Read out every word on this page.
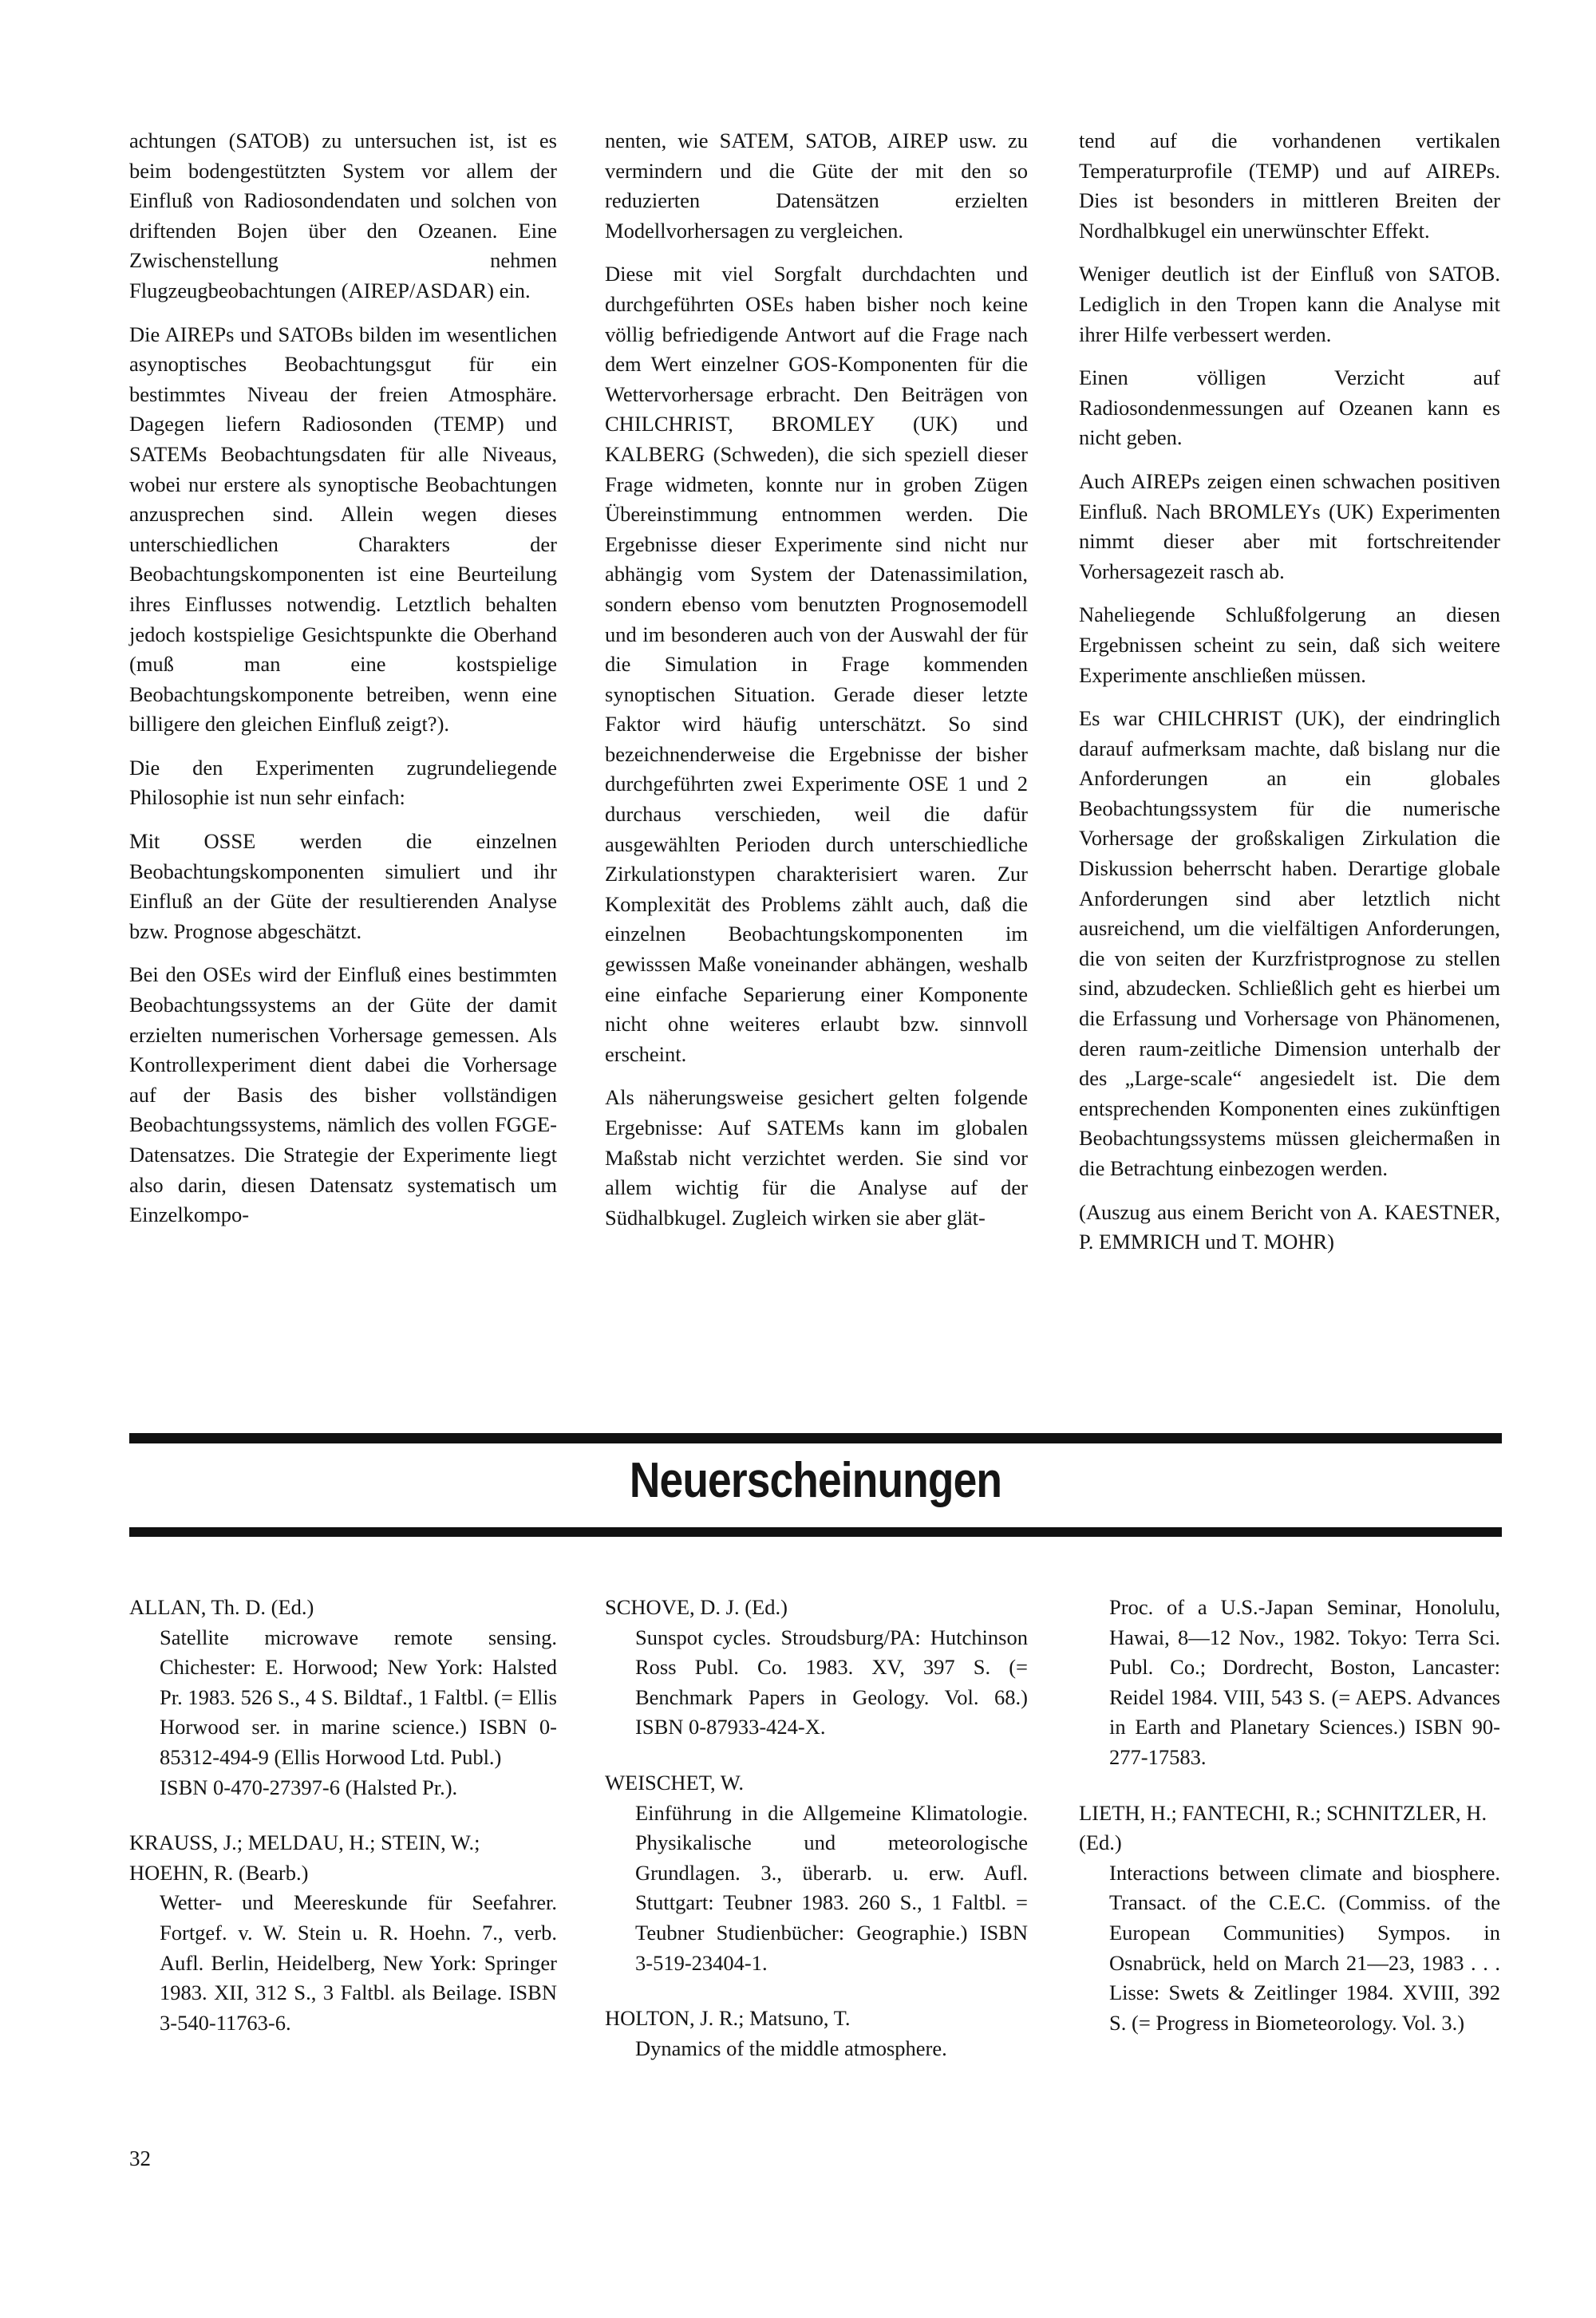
achtungen (SATOB) zu untersuchen ist, ist es beim bodengestützten System vor allem der Einfluß von Radiosondendaten und solchen von driftenden Bojen über den Ozeanen. Eine Zwischenstellung nehmen Flugzeugbeobachtungen (AIREP/ASDAR) ein.

Die AIREPs und SATOBs bilden im wesentlichen asynoptisches Beobachtungsgut für ein bestimmtes Niveau der freien Atmosphäre. Dagegen liefern Radiosonden (TEMP) und SATEMs Beobachtungsdaten für alle Niveaus, wobei nur erstere als synoptische Beobachtungen anzusprechen sind. Allein wegen dieses unterschiedlichen Charakters der Beobachtungskomponenten ist eine Beurteilung ihres Einflusses notwendig. Letztlich behalten jedoch kostspielige Gesichtspunkte die Oberhand (muß man eine kostspielige Beobachtungskomponente betreiben, wenn eine billigere den gleichen Einfluß zeigt?).

Die den Experimenten zugrundeliegende Philosophie ist nun sehr einfach:

Mit OSSE werden die einzelnen Beobachtungskomponenten simuliert und ihr Einfluß an der Güte der resultierenden Analyse bzw. Prognose abgeschätzt.

Bei den OSEs wird der Einfluß eines bestimmten Beobachtungssystems an der Güte der damit erzielten numerischen Vorhersage gemessen. Als Kontrollexperiment dient dabei die Vorhersage auf der Basis des bisher vollständigen Beobachtungssystems, nämlich des vollen FGGE-Datensatzes. Die Strategie der Experimente liegt also darin, diesen Datensatz systematisch um Einzelkompo-

nenten, wie SATEM, SATOB, AIREP usw. zu vermindern und die Güte der mit den so reduzierten Datensätzen erzielten Modellvorhersagen zu vergleichen.

Diese mit viel Sorgfalt durchdachten und durchgeführten OSEs haben bisher noch keine völlig befriedigende Antwort auf die Frage nach dem Wert einzelner GOS-Komponenten für die Wettervorhersage erbracht. Den Beiträgen von CHILCHRIST, BROMLEY (UK) und KALBERG (Schweden), die sich speziell dieser Frage widmeten, konnte nur in groben Zügen Übereinstimmung entnommen werden. Die Ergebnisse dieser Experimente sind nicht nur abhängig vom System der Datenassimilation, sondern ebenso vom benutzten Prognosemodell und im besonderen auch von der Auswahl der für die Simulation in Frage kommenden synoptischen Situation. Gerade dieser letzte Faktor wird häufig unterschätzt. So sind bezeichnenderweise die Ergebnisse der bisher durchgeführten zwei Experimente OSE 1 und 2 durchaus verschieden, weil die dafür ausgewählten Perioden durch unterschiedliche Zirkulationstypen charakterisiert waren. Zur Komplexität des Problems zählt auch, daß die einzelnen Beobachtungskomponenten im gewisssen Maße voneinander abhängen, weshalb eine einfache Separierung einer Komponente nicht ohne weiteres erlaubt bzw. sinnvoll erscheint.

Als näherungsweise gesichert gelten folgende Ergebnisse: Auf SATEMs kann im globalen Maßstab nicht verzichtet werden. Sie sind vor allem wichtig für die Analyse auf der Südhalbkugel. Zugleich wirken sie aber glät-

tend auf die vorhandenen vertikalen Temperaturprofile (TEMP) und auf AIREPs. Dies ist besonders in mittleren Breiten der Nordhalbkugel ein unerwünschter Effekt.

Weniger deutlich ist der Einfluß von SATOB. Lediglich in den Tropen kann die Analyse mit ihrer Hilfe verbessert werden.

Einen völligen Verzicht auf Radiosondenmessungen auf Ozeanen kann es nicht geben.

Auch AIREPs zeigen einen schwachen positiven Einfluß. Nach BROMLEYs (UK) Experimenten nimmt dieser aber mit fortschreitender Vorhersagezeit rasch ab.

Naheliegende Schlußfolgerung an diesen Ergebnissen scheint zu sein, daß sich weitere Experimente anschließen müssen.

Es war CHILCHRIST (UK), der eindringlich darauf aufmerksam machte, daß bislang nur die Anforderungen an ein globales Beobachtungssystem für die numerische Vorhersage der großskaligen Zirkulation die Diskussion beherrscht haben. Derartige globale Anforderungen sind aber letztlich nicht ausreichend, um die vielfältigen Anforderungen, die von seiten der Kurzfristprognose zu stellen sind, abzudecken. Schließlich geht es hierbei um die Erfassung und Vorhersage von Phänomenen, deren raum-zeitliche Dimension unterhalb der des „Large-scale“ angesiedelt ist. Die dem entsprechenden Komponenten eines zukünftigen Beobachtungssystems müssen gleichermaßen in die Betrachtung einbezogen werden.

(Auszug aus einem Bericht von A. KAESTNER, P. EMMRICH und T. MOHR)

Neuerscheinungen
ALLAN, Th. D. (Ed.)
Satellite microwave remote sensing. Chichester: E. Horwood; New York: Halsted Pr. 1983. 526 S., 4 S. Bildtaf., 1 Faltbl. (= Ellis Horwood ser. in marine science.) ISBN 0-85312-494-9 (Ellis Horwood Ltd. Publ.)
ISBN 0-470-27397-6 (Halsted Pr.).
KRAUSS, J.; MELDAU, H.; STEIN, W.; HOEHN, R. (Bearb.)
Wetter- und Meereskunde für Seefahrer. Fortgef. v. W. Stein u. R. Hoehn. 7., verb. Aufl. Berlin, Heidelberg, New York: Springer 1983. XII, 312 S., 3 Faltbl. als Beilage. ISBN 3-540-11763-6.
SCHOVE, D. J. (Ed.)
Sunspot cycles. Stroudsburg/PA: Hutchinson Ross Publ. Co. 1983. XV, 397 S. (= Benchmark Papers in Geology. Vol. 68.) ISBN 0-87933-424-X.
WEISCHET, W.
Einführung in die Allgemeine Klimatologie. Physikalische und meteorologische Grundlagen. 3., überarb. u. erw. Aufl. Stuttgart: Teubner 1983. 260 S., 1 Faltbl. = Teubner Studienbücher: Geographie.) ISBN 3-519-23404-1.
HOLTON, J. R.; Matsuno, T.
Dynamics of the middle atmosphere.
Proc. of a U.S.-Japan Seminar, Honolulu, Hawai, 8—12 Nov., 1982. Tokyo: Terra Sci. Publ. Co.; Dordrecht, Boston, Lancaster: Reidel 1984. VIII, 543 S. (= AEPS. Advances in Earth and Planetary Sciences.) ISBN 90-277-17583.
LIETH, H.; FANTECHI, R.; SCHNITZLER, H. (Ed.)
Interactions between climate and biosphere. Transact. of the C.E.C. (Commiss. of the European Communities) Sympos. in Osnabrück, held on March 21—23, 1983 . . . Lisse: Swets & Zeitlinger 1984. XVIII, 392 S. (= Progress in Biometeorology. Vol. 3.)
32
